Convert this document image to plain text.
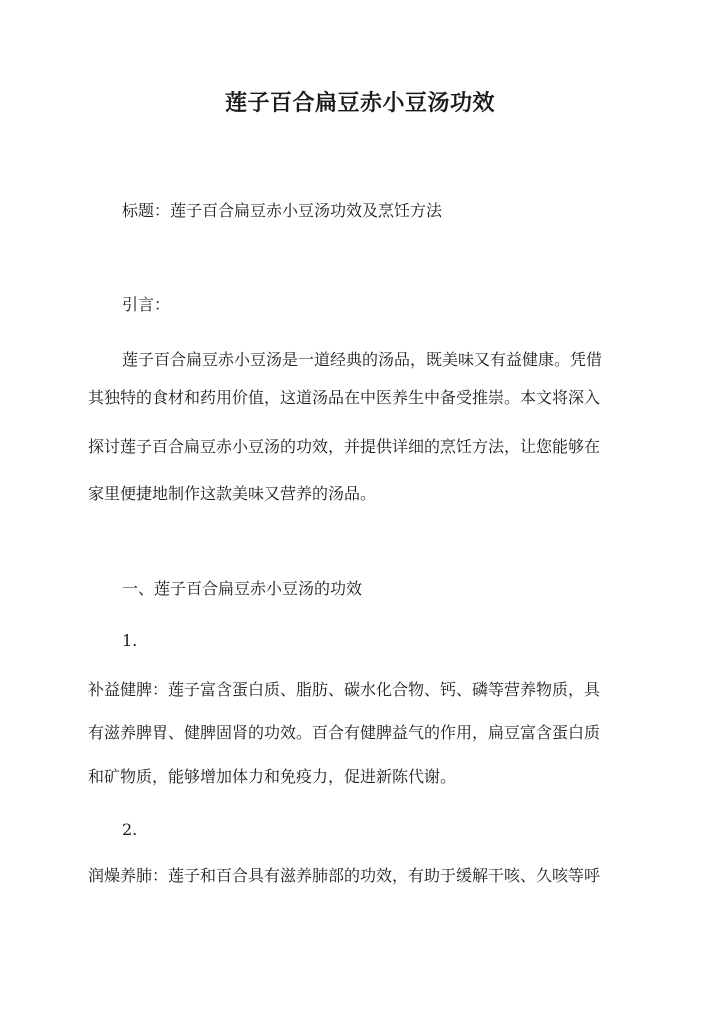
莲子百合扁豆赤小豆汤功效
标题：莲子百合扁豆赤小豆汤功效及烹饪方法
引言：
莲子百合扁豆赤小豆汤是一道经典的汤品，既美味又有益健康。凭借
其独特的食材和药用价值，这道汤品在中医养生中备受推崇。本文将深入
探讨莲子百合扁豆赤小豆汤的功效，并提供详细的烹饪方法，让您能够在
家里便捷地制作这款美味又营养的汤品。
一、莲子百合扁豆赤小豆汤的功效
1.
补益健脾：莲子富含蛋白质、脂肪、碳水化合物、钙、磷等营养物质，具
有滋养脾胃、健脾固肾的功效。百合有健脾益气的作用，扁豆富含蛋白质
和矿物质，能够增加体力和免疫力，促进新陈代谢。
2.
润燥养肺：莲子和百合具有滋养肺部的功效，有助于缓解干咳、久咳等呼
